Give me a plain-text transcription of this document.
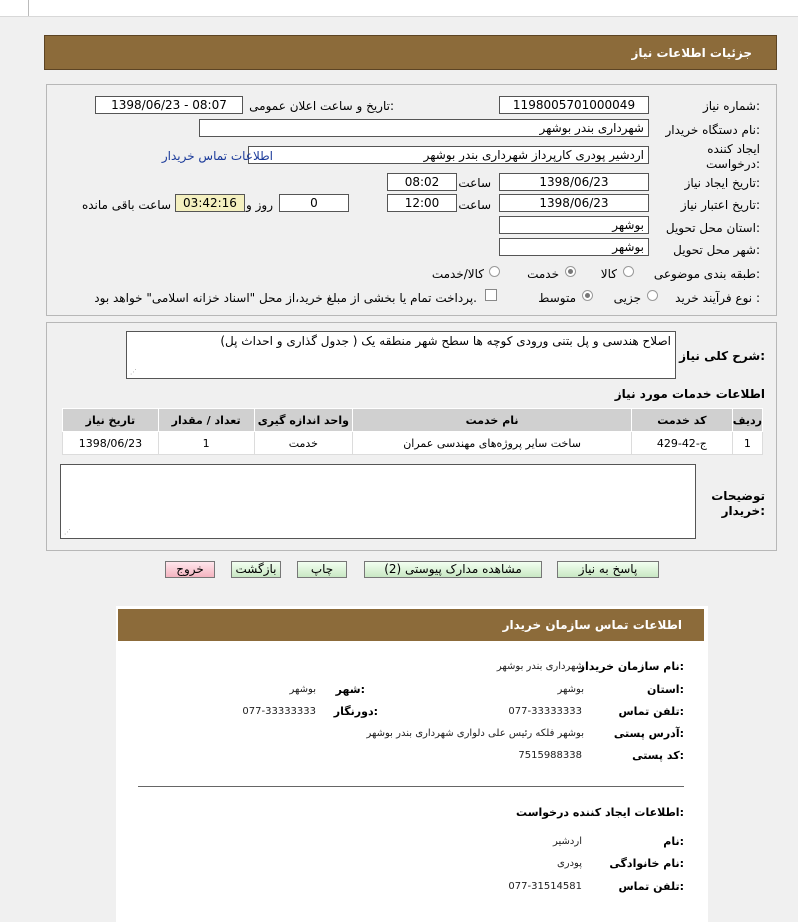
جزئیات اطلاعات نیاز
شماره نیاز:
1198005701000049
تاریخ و ساعت اعلان عمومی:
1398/06/23 - 08:07
نام دستگاه خریدار:
شهرداری بندر بوشهر
ایجاد کننده
درخواست:
اردشیر پودری کارپرداز شهرداری بندر بوشهر
اطلاعات تماس خریدار
تاریخ ایجاد نیاز:
1398/06/23
ساعت
08:02
تاریخ اعتبار نیاز:
1398/06/23
ساعت
12:00
0
روز و
03:42:16
ساعت باقی مانده
استان محل تحویل:
بوشهر
شهر محل تحویل:
بوشهر
طبقه بندی موضوعی:
کالا
خدمت
کالا/خدمت
نوع فرآیند خرید :
جزیی
متوسط
پرداخت تمام یا بخشی از مبلغ خرید،از محل "اسناد خزانه اسلامی" خواهد بود.
شرح کلی نیاز:
اصلاح هندسی و پل بتنی ورودی کوچه ها سطح شهر منطقه یک ( جدول گذاری و احداث پل)
⋰
اطلاعات خدمات مورد نیاز
تاریخ نیاز	تعداد / مقدار	واحد اندازه گیری	نام خدمت	کد خدمت	ردیف
1398/06/23	1	خدمت	ساخت سایر پروژه‌های مهندسی عمران	ج-42-429	1
توضیحات
خریدار:
⋰
پاسخ به نیاز
مشاهده مدارک پیوستی (2)
چاپ
بازگشت
خروج
اطلاعات تماس سازمان خریدار
نام سازمان خریدار:
شهرداری بندر بوشهر
استان:
بوشهر
شهر:
بوشهر
تلفن تماس:
077-33333333
دورنگار:
077-33333333
آدرس پستی:
بوشهر فلکه رئیس علی دلواری شهرداری بندر بوشهر
کد پستی:
7515988338
اطلاعات ایجاد کننده درخواست:
نام:
اردشیر
نام خانوادگی:
پودری
تلفن تماس:
077-31514581
